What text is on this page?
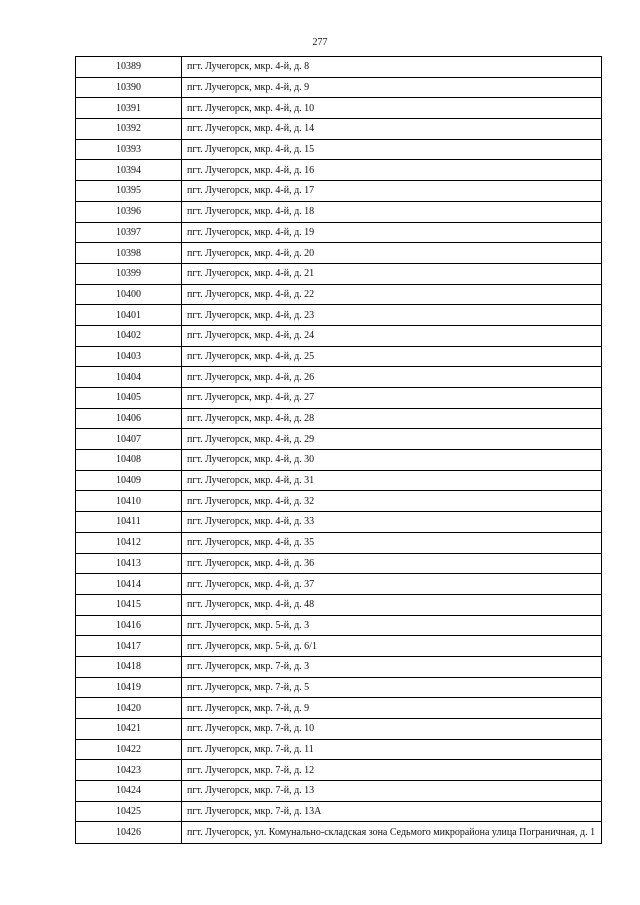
277
10389	пгт. Лучегорск, мкр. 4-й, д. 8
10390	пгт. Лучегорск, мкр. 4-й, д. 9
10391	пгт. Лучегорск, мкр. 4-й, д. 10
10392	пгт. Лучегорск, мкр. 4-й, д. 14
10393	пгт. Лучегорск, мкр. 4-й, д. 15
10394	пгт. Лучегорск, мкр. 4-й, д. 16
10395	пгт. Лучегорск, мкр. 4-й, д. 17
10396	пгт. Лучегорск, мкр. 4-й, д. 18
10397	пгт. Лучегорск, мкр. 4-й, д. 19
10398	пгт. Лучегорск, мкр. 4-й, д. 20
10399	пгт. Лучегорск, мкр. 4-й, д. 21
10400	пгт. Лучегорск, мкр. 4-й, д. 22
10401	пгт. Лучегорск, мкр. 4-й, д. 23
10402	пгт. Лучегорск, мкр. 4-й, д. 24
10403	пгт. Лучегорск, мкр. 4-й, д. 25
10404	пгт. Лучегорск, мкр. 4-й, д. 26
10405	пгт. Лучегорск, мкр. 4-й, д. 27
10406	пгт. Лучегорск, мкр. 4-й, д. 28
10407	пгт. Лучегорск, мкр. 4-й, д. 29
10408	пгт. Лучегорск, мкр. 4-й, д. 30
10409	пгт. Лучегорск, мкр. 4-й, д. 31
10410	пгт. Лучегорск, мкр. 4-й, д. 32
10411	пгт. Лучегорск, мкр. 4-й, д. 33
10412	пгт. Лучегорск, мкр. 4-й, д. 35
10413	пгт. Лучегорск, мкр. 4-й, д. 36
10414	пгт. Лучегорск, мкр. 4-й, д. 37
10415	пгт. Лучегорск, мкр. 4-й, д. 48
10416	пгт. Лучегорск, мкр. 5-й, д. 3
10417	пгт. Лучегорск, мкр. 5-й, д. 6/1
10418	пгт. Лучегорск, мкр. 7-й, д. 3
10419	пгт. Лучегорск, мкр. 7-й, д. 5
10420	пгт. Лучегорск, мкр. 7-й, д. 9
10421	пгт. Лучегорск, мкр. 7-й, д. 10
10422	пгт. Лучегорск, мкр. 7-й, д. 11
10423	пгт. Лучегорск, мкр. 7-й, д. 12
10424	пгт. Лучегорск, мкр. 7-й, д. 13
10425	пгт. Лучегорск, мкр. 7-й, д. 13А
10426	пгт. Лучегорск, ул. Комунально-складская зона Седьмого микрорайона улица Пограничная, д. 1
